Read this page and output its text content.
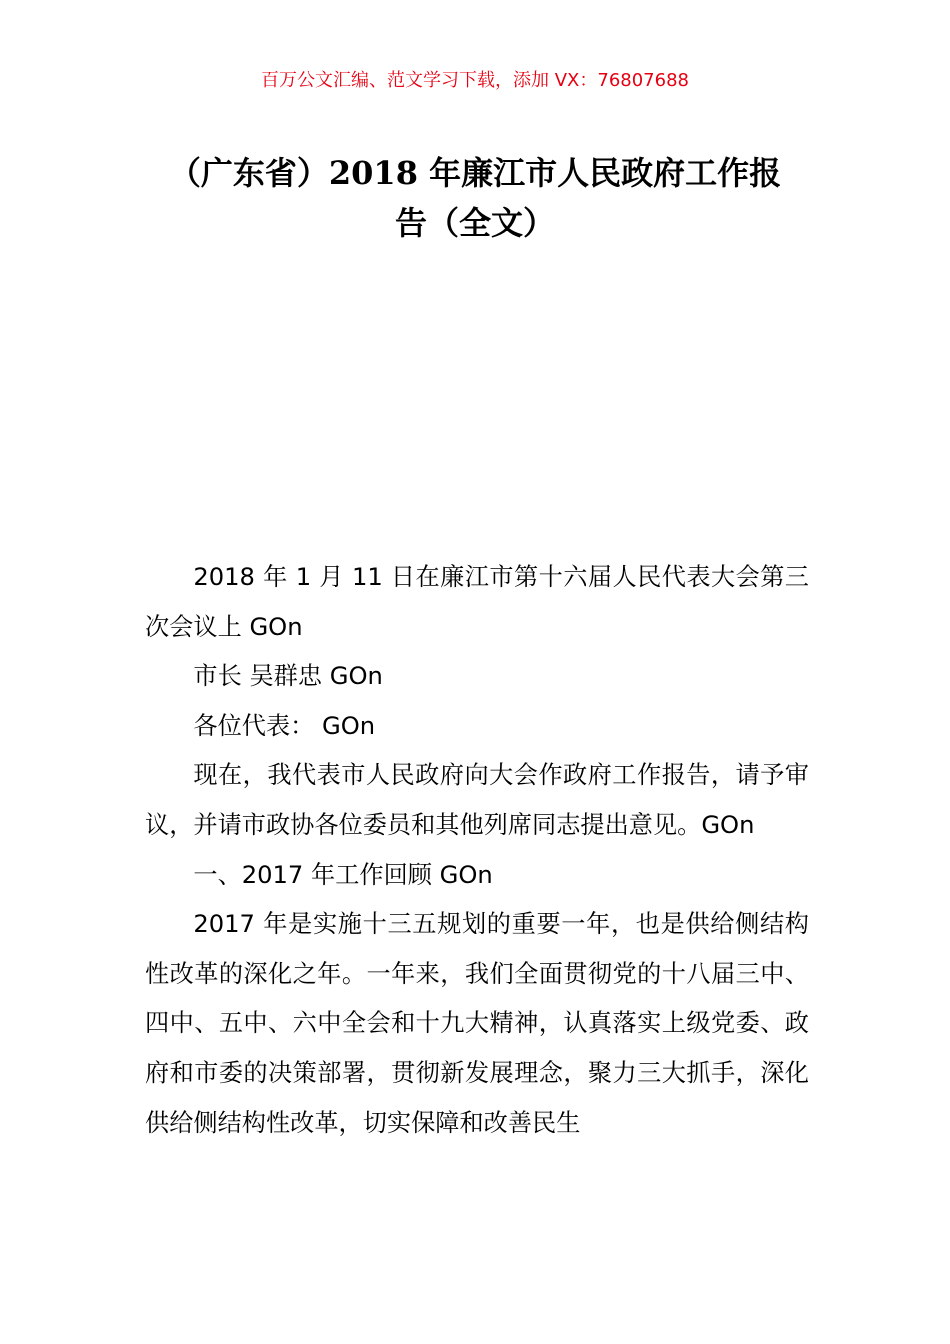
百万公文汇编、范文学习下载，添加 VX：76807688
（广东省）2018 年廉江市人民政府工作报
告（全文）

2018 年 1 月 11 日在廉江市第十六届人民代表大会第三次会议上 GOn

市长 吴群忠 GOn

各位代表： GOn

现在，我代表市人民政府向大会作政府工作报告，请予审议，并请市政协各位委员和其他列席同志提出意见。GOn

一、2017 年工作回顾 GOn

2017 年是实施十三五规划的重要一年，也是供给侧结构性改革的深化之年。一年来，我们全面贯彻党的十八届三中、四中、五中、六中全会和十九大精神，认真落实上级党委、政府和市委的决策部署，贯彻新发展理念，聚力三大抓手，深化供给侧结构性改革，切实保障和改善民生
